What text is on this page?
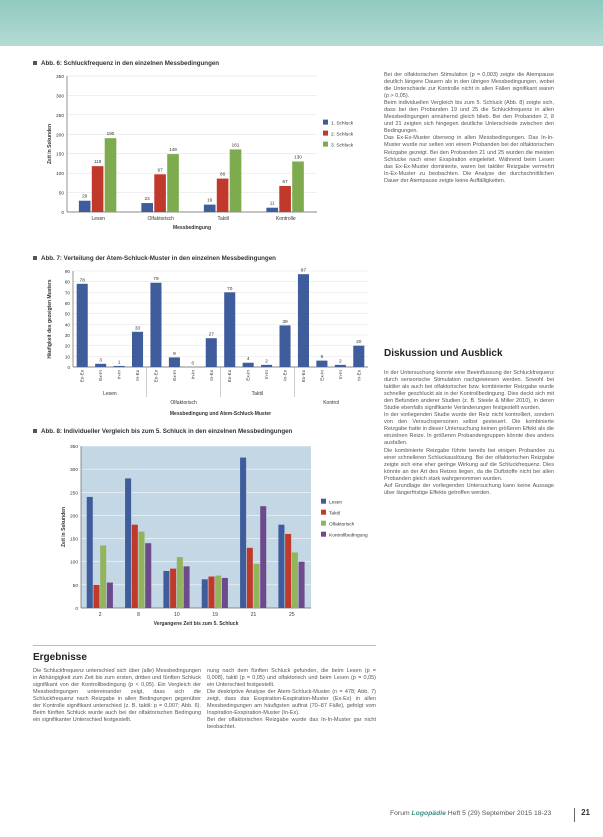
Abb. 6: Schluckfrequenz in den einzelnen Messbedingungen
0
50
100
150
200
250
300
350
29
118
190
Lesen
23
97
149
Olfaktorisch
19
86
161
Taktil
11
67
130
Kontrolle
Messbedingung
Zeit in Sekunden	1. Schluck
2. Schluck
3. Schluck
Abb. 7: Verteilung der Atem-Schluck-Muster in den einzelnen Messbedingungen
0
10
20
30
40
50
60
70
80
90
78
Ex-Ex
3
Ex-In
1
In-In
33
In-Ex
79
Ex-Ex
9
Ex-In
0
In-In
27
In-Ex
70
Ex-Ex
4
Ex-In
2
In-In
39
In-Ex
87
Ex-Ex
6
Ex-In
2
In-In
20
In-Ex
Lesen
Olfaktorisch
Taktil
Kontrol
Messbedingung und Atem-Schluck-Muster
Häufigkeit des gezeigten Musters
Abb. 8: Individueller Vergleich bis zum 5. Schluck in den einzelnen Messbedingungen
0
50
100
150
200
250
300
350
2	8	10	19	21	25
Vergangene Zeit bis zum 5. Schluck
Zeit in Sekunden
Lesen
Taktil
Olfaktorisch
Kontrollbedingung
Ergebnisse

Die Schluckfrequenz unterschied sich über (alle) Messbedingungen in Abhängigkeit zum Zeit bis zum ersten, dritten und fünften Schluck signifikant von der Kontrollbedingung (p < 0,05). Ein Vergleich der Messbedingungen untereinander zeigt, dass sich die Schluckfrequenz nach Reizgabe in allen Bedingungen gegenüber der Kontrolle signifikant unterschied (z. B. taktil: p = 0,007; Abb. 6). Beim fünften Schluck wurde auch bei der olfaktorischen Bedingung ein signifikanter Unterschied festgestellt.

nung nach dem fünften Schluck gefunden, die beim Lesen (p = 0,008), taktil (p = 0,05) und olfaktorisch und beim Lesen (p = 0,05) ein Unterschied festgestellt.

Die deskriptive Analyse der Atem-Schluck-Muster (n = 478; Abb. 7) zeigt, dass das Exspiration-Exspiration-Muster (Ex-Ex) in allen Messbedingungen am häufigsten auftrat (70–87 Fälle), gefolgt vom Inspiration-Exspiration-Muster (In-Ex).

Bei der olfaktorischen Reizgabe wurde das In-In-Muster gar nicht beobachtet.

Bei der olfaktorischen Stimulation (p = 0,003) zeigte die Atempause deutlich längere Dauern als in den übrigen Messbedingungen, wobei die Unterschiede zur Kontrolle nicht in allen Fällen signifikant waren (p > 0,05).

Beim individuellen Vergleich bis zum 5. Schluck (Abb. 8) zeigte sich, dass bei den Probanden 19 und 25 die Schluckfrequenz in allen Messbedingungen annähernd gleich blieb. Bei den Probanden 2, 8 und 21 zeigten sich hingegen deutliche Unterschiede zwischen den Bedingungen.

Das Ex-Ex-Muster überwog in allen Messbedingungen. Das In-In-Muster wurde nur selten von einem Probanden bei der olfaktorischen Reizgabe gezeigt. Bei den Probanden 21 und 25 wurden die meisten Schlucke nach einer Exspiration eingeleitet. Während beim Lesen das Ex-Ex-Muster dominierte, waren bei taktiler Reizgabe vermehrt In-Ex-Muster zu beobachten. Die Analyse der durchschnittlichen Dauer der Atempause zeigte keine Auffälligkeiten.

Diskussion und Ausblick

In der Untersuchung konnte eine Beeinflussung der Schluckfrequenz durch sensorische Stimulation nachgewiesen werden. Sowohl bei taktiler als auch bei olfaktorischer bzw. kombinierter Reizgabe wurde schneller geschluckt als in der Kontrollbedingung. Dies deckt sich mit den Befunden anderer Studien (z. B. Steele & Miller 2010), in deren Studie ebenfalls signifikante Veränderungen festgestellt wurden.

In der vorliegenden Studie wurde der Reiz nicht kontrolliert, sondern von den Versuchspersonen selbst gesteuert. Die kombinierte Reizgabe hatte in dieser Untersuchung keinen größeren Effekt als die einzelnen Reize. In größeren Probandengruppen könnte dies anders ausfallen.

Die kombinierte Reizgabe führte bereits bei einigen Probanden zu einer schnelleren Schluckauslösung. Bei der olfaktorischen Reizgabe zeigte sich eine eher geringe Wirkung auf die Schluckfrequenz. Dies könnte an der Art des Reizes liegen, da die Duftstoffe nicht bei allen Probanden gleich stark wahrgenommen wurden.

Auf Grundlage der vorliegenden Untersuchung kann keine Aussage über längerfristige Effekte getroffen werden.

Forum Logopädie Heft 5 (29) September 2015 18-23	21
